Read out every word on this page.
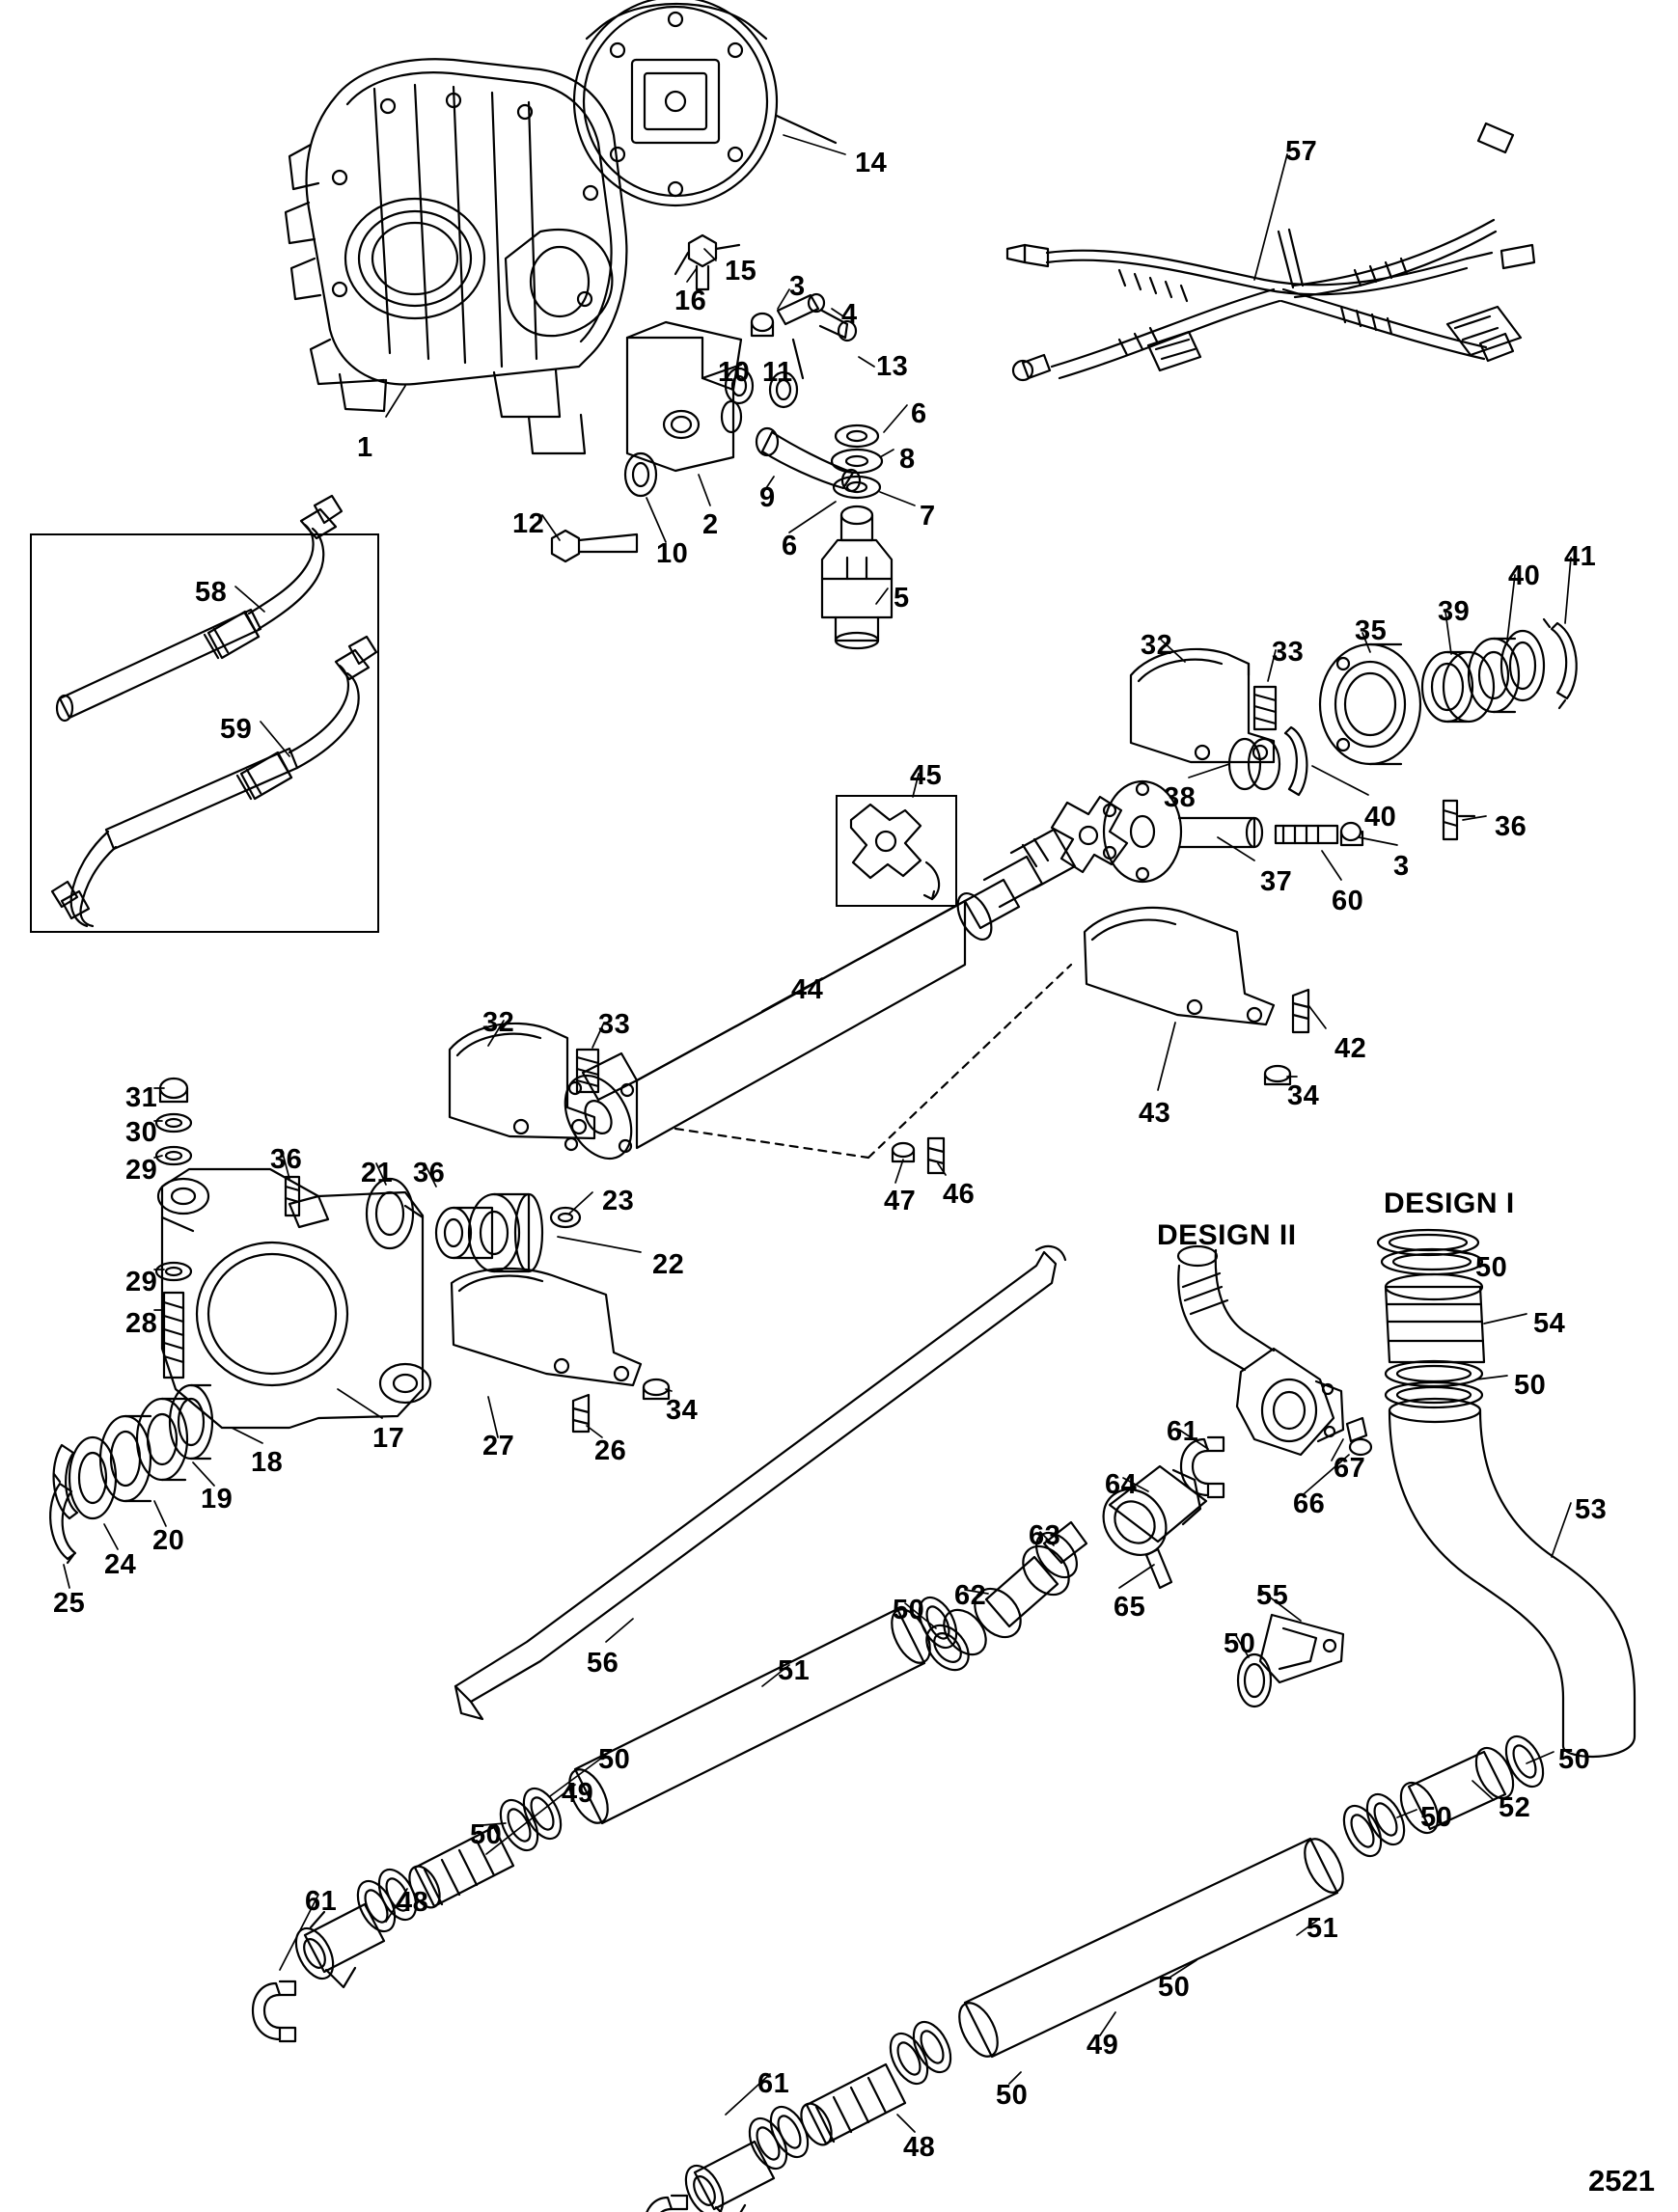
14
15
16
1
3
4
10 11	13
6
8
7
9
6
5
12
10
2
57
58
59
32	33
35
39
40
41
38
40	36
37
60
3
45
44
42
34
43
47 46
32	33
31
30
29	36 21 36
23
22
29
28
18
17
19
20
24
25
27	26
34
56
61
64
67
66
63
62	65
50
50
54
50
53
55
50
51
50
49
50
48
61
50
52
50
51
50
49
50
48
61
DESIGN II
DESIGN I
2521
